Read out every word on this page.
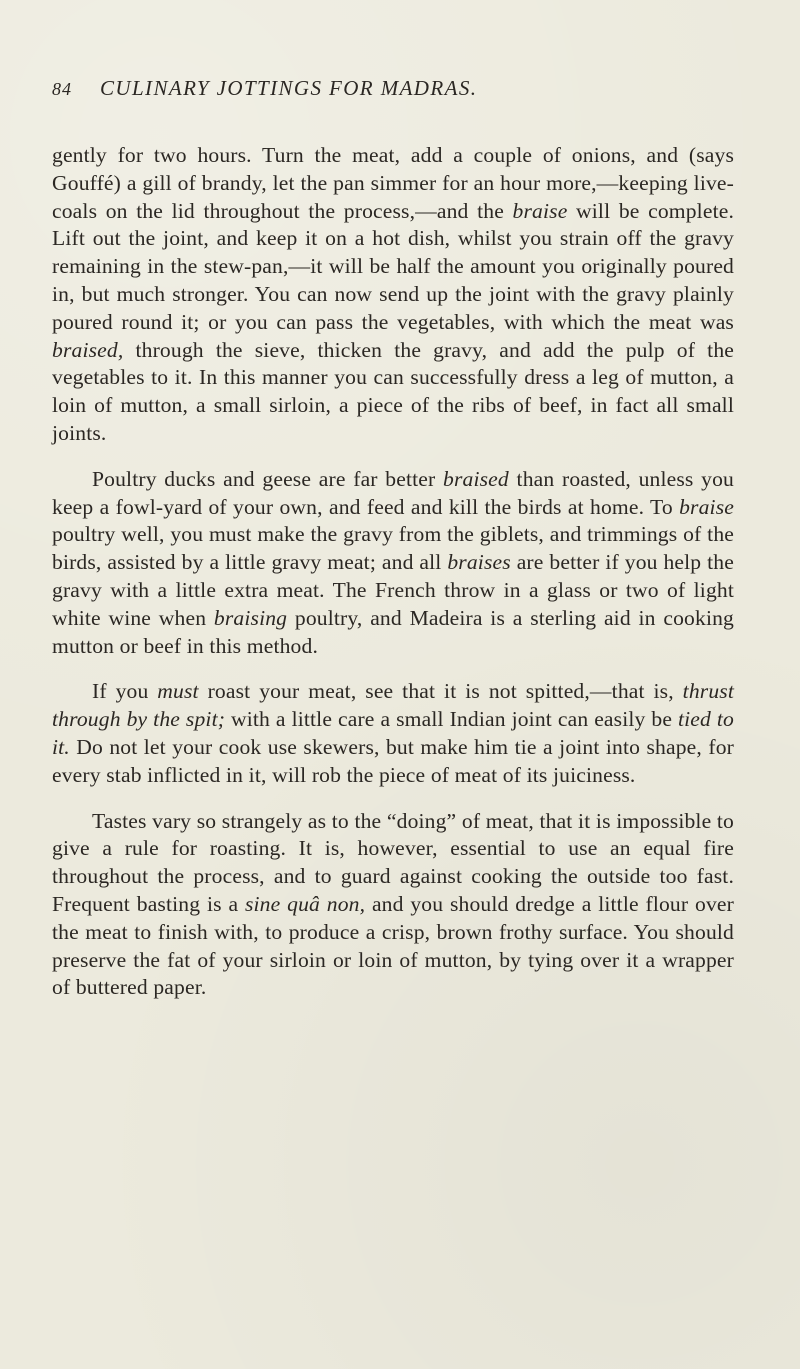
84 CULINARY JOTTINGS FOR MADRAS.

gently for two hours. Turn the meat, add a couple of onions, and (says Gouffé) a gill of brandy, let the pan simmer for an hour more,—keeping live-coals on the lid throughout the process,—and the braise will be complete. Lift out the joint, and keep it on a hot dish, whilst you strain off the gravy remaining in the stew-pan,—it will be half the amount you originally poured in, but much stronger. You can now send up the joint with the gravy plainly poured round it; or you can pass the vegetables, with which the meat was braised, through the sieve, thicken the gravy, and add the pulp of the vegetables to it. In this manner you can successfully dress a leg of mutton, a loin of mutton, a small sirloin, a piece of the ribs of beef, in fact all small joints.

Poultry ducks and geese are far better braised than roasted, unless you keep a fowl-yard of your own, and feed and kill the birds at home. To braise poultry well, you must make the gravy from the giblets, and trimmings of the birds, assisted by a little gravy meat; and all braises are better if you help the gravy with a little extra meat. The French throw in a glass or two of light white wine when braising poultry, and Madeira is a sterling aid in cooking mutton or beef in this method.

If you must roast your meat, see that it is not spitted,—that is, thrust through by the spit; with a little care a small Indian joint can easily be tied to it. Do not let your cook use skewers, but make him tie a joint into shape, for every stab inflicted in it, will rob the piece of meat of its juiciness.

Tastes vary so strangely as to the “doing” of meat, that it is impossible to give a rule for roasting. It is, however, essential to use an equal fire throughout the process, and to guard against cooking the outside too fast. Frequent basting is a sine quâ non, and you should dredge a little flour over the meat to finish with, to produce a crisp, brown frothy surface. You should preserve the fat of your sirloin or loin of mutton, by tying over it a wrapper of buttered paper.
